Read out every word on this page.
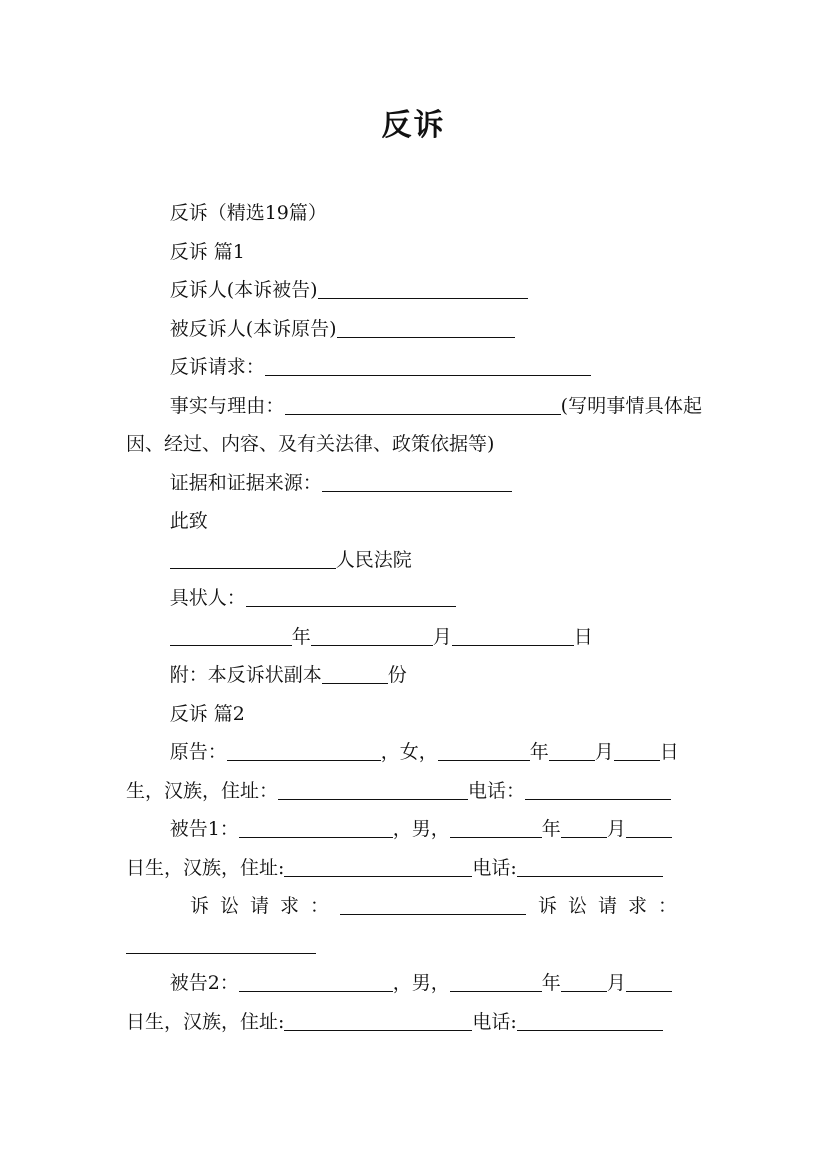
反诉

反诉（精选19篇）

反诉 篇1

反诉人(本诉被告)

被反诉人(本诉原告)

反诉请求：

事实与理由：	(写明事情具体起因、经过、内容、及有关法律、政策依据等)

证据和证据来源：

此致

人民法院

具状人：

年	月	日

附：本反诉状副本	份

反诉 篇2

原告：	，女，	年 月 日

生，汉族，住址：	电话：

被告1：	，男，	年 月

日生，汉族，住址:	电话:

诉讼请求：	诉讼请求：

被告2：	，男，	年 月

日生，汉族，住址:	电话:
